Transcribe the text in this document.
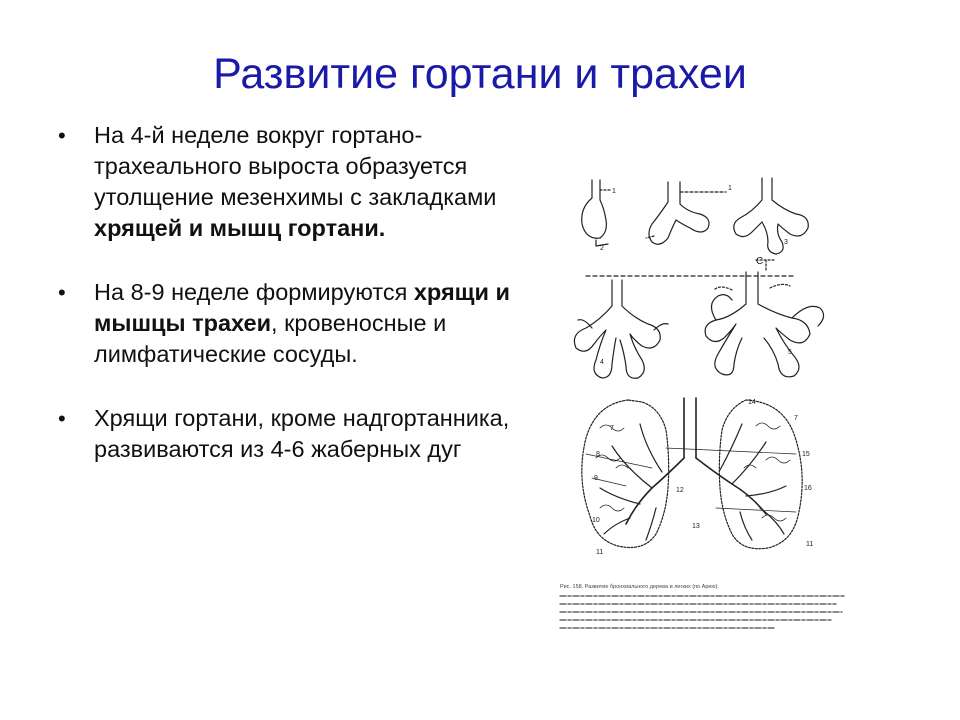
Развитие гортани и трахеи
• На 4-й неделе вокруг гортано-трахеального выроста образуется утолщение мезенхимы с закладками хрящей и мышц гортани.
• На 8-9 неделе формируются хрящи и мышцы трахеи, кровеносные и лимфатические сосуды.
• Хрящи гортани, кроме надгортанника, развиваются из 4-6 жаберных дуг
1
2
1
3
C
4
5
14
7
7
8
9
10
11
12
13
15
16
11
Рис. 158. Развитие бронхиального дерева и легких (по Арею).
